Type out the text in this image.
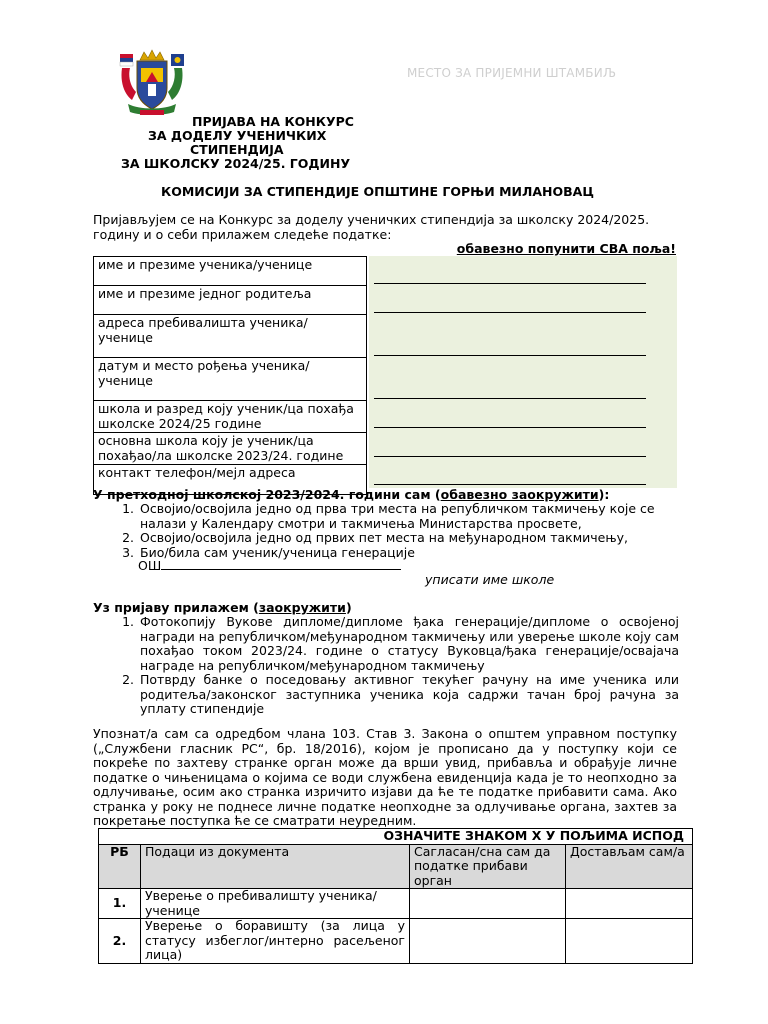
МЕСТО ЗА ПРИЈЕМНИ ШТАМБИЉ
ПРИЈАВА НА КОНКУРС
ЗА ДОДЕЛУ УЧЕНИЧКИХ
СТИПЕНДИЈА
ЗА ШКОЛСКУ 2024/25. ГОДИНУ
КОМИСИЈИ ЗА СТИПЕНДИЈЕ ОПШТИНЕ ГОРЊИ МИЛАНОВАЦ
Пријављујем се на Конкурс за доделу ученичких стипендија за школску 2024/2025. годину и о себи прилажем следеће податке:
обавезно попунити СВА поља!
име и презиме ученика/ученице
име и презиме једног родитеља
адреса пребивалишта ученика/ученице
датум и место рођења ученика/ученице
школа и разред коју ученик/ца похађа школске 2024/25 године
основна школа коју је ученик/ца похађао/ла школске 2023/24. године
контакт телефон/мејл адреса
У претходној школској 2023/2024. години сам (обавезно заокружити):
1. Освојио/освојила једно од прва три места на републичком такмичењу које се налази у Календару смотри и такмичења Министарства просвете,
2. Освојио/освојила једно од првих пет места на међународном такмичењу,
3. Био/била сам ученик/ученица генерације
ОШ
уписати име школе
Уз пријаву прилажем (заокружити)
1. Фотокопију Вукове дипломе/дипломе ђака генерације/дипломе о освојеној награди на републичком/међународном такмичењу или уверење школе коју сам похађао током 2023/24. године о статусу Вуковца/ђака генерације/освајача награде на републичком/међународном такмичењу
2. Потврду банке о поседовању активног текућег рачуну на име ученика или родитеља/законског заступника ученика која садржи тачан број рачуна за уплату стипендије
Упознат/а сам са одредбом члана 103. Став 3. Закона о општем управном поступку („Службени гласник РС“, бр. 18/2016), којом је прописано да у поступку који се покреће по захтеву странке орган може да врши увид, прибавља и обрађује личне податке о чињеницама о којима се води службена евиденција када је то неопходно за одлучивање, осим ако странка изричито изјави да ће те податке прибавити сама. Ако странка у року не поднесе личне податке неопходне за одлучивање органа, захтев за покретање поступка ће се сматрати неуредним.
ОЗНАЧИТЕ ЗНАКОМ Х У ПОЉИМА ИСПОД			
РБ	Подаци из документа	Сагласан/сна сам да податке прибави орган	Достављам сам/а
1.	Уверење о пребивалишту ученика/ученице		
2.	Уверење о боравишту (за лица у статусу избеглог/интерно расељеног лица)		
